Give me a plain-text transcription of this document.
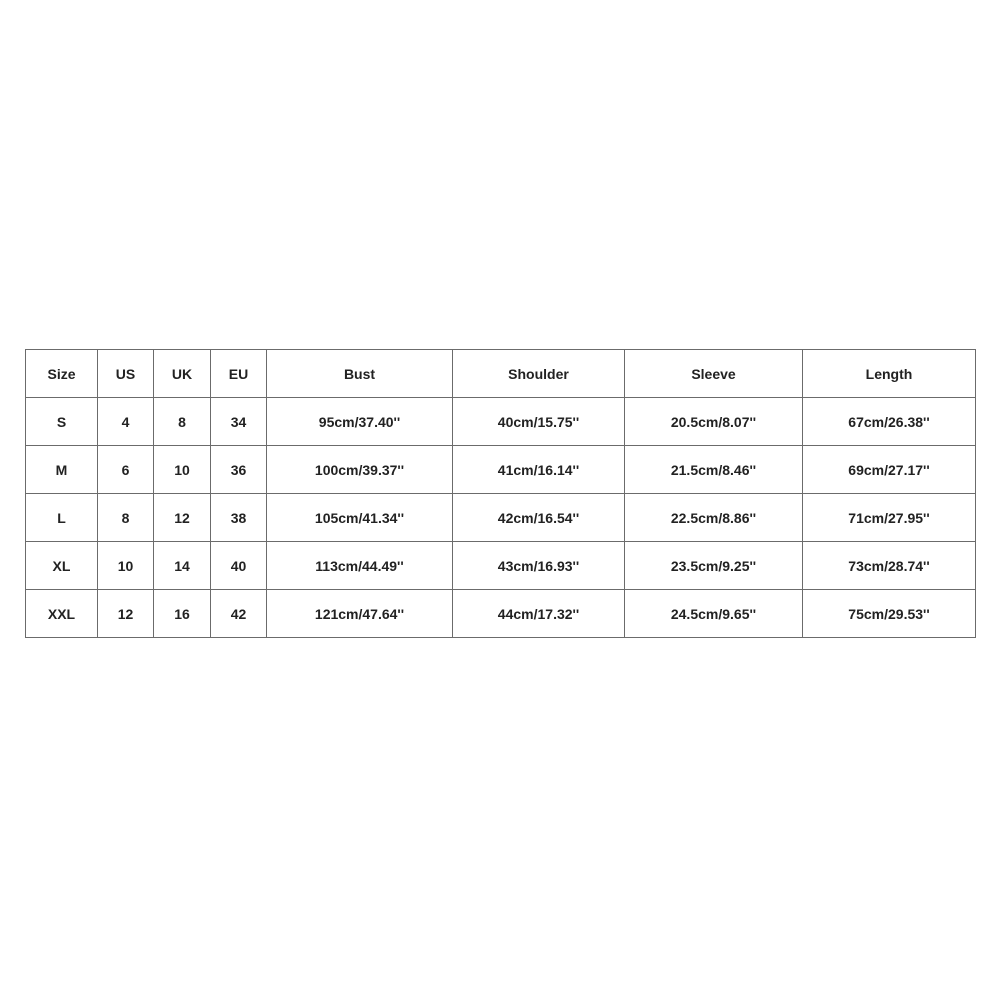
Size	US	UK	EU	Bust	Shoulder	Sleeve	Length
S	4	8	34	95cm/37.40''	40cm/15.75''	20.5cm/8.07''	67cm/26.38''
M	6	10	36	100cm/39.37''	41cm/16.14''	21.5cm/8.46''	69cm/27.17''
L	8	12	38	105cm/41.34''	42cm/16.54''	22.5cm/8.86''	71cm/27.95''
XL	10	14	40	113cm/44.49''	43cm/16.93''	23.5cm/9.25''	73cm/28.74''
XXL	12	16	42	121cm/47.64''	44cm/17.32''	24.5cm/9.65''	75cm/29.53''
